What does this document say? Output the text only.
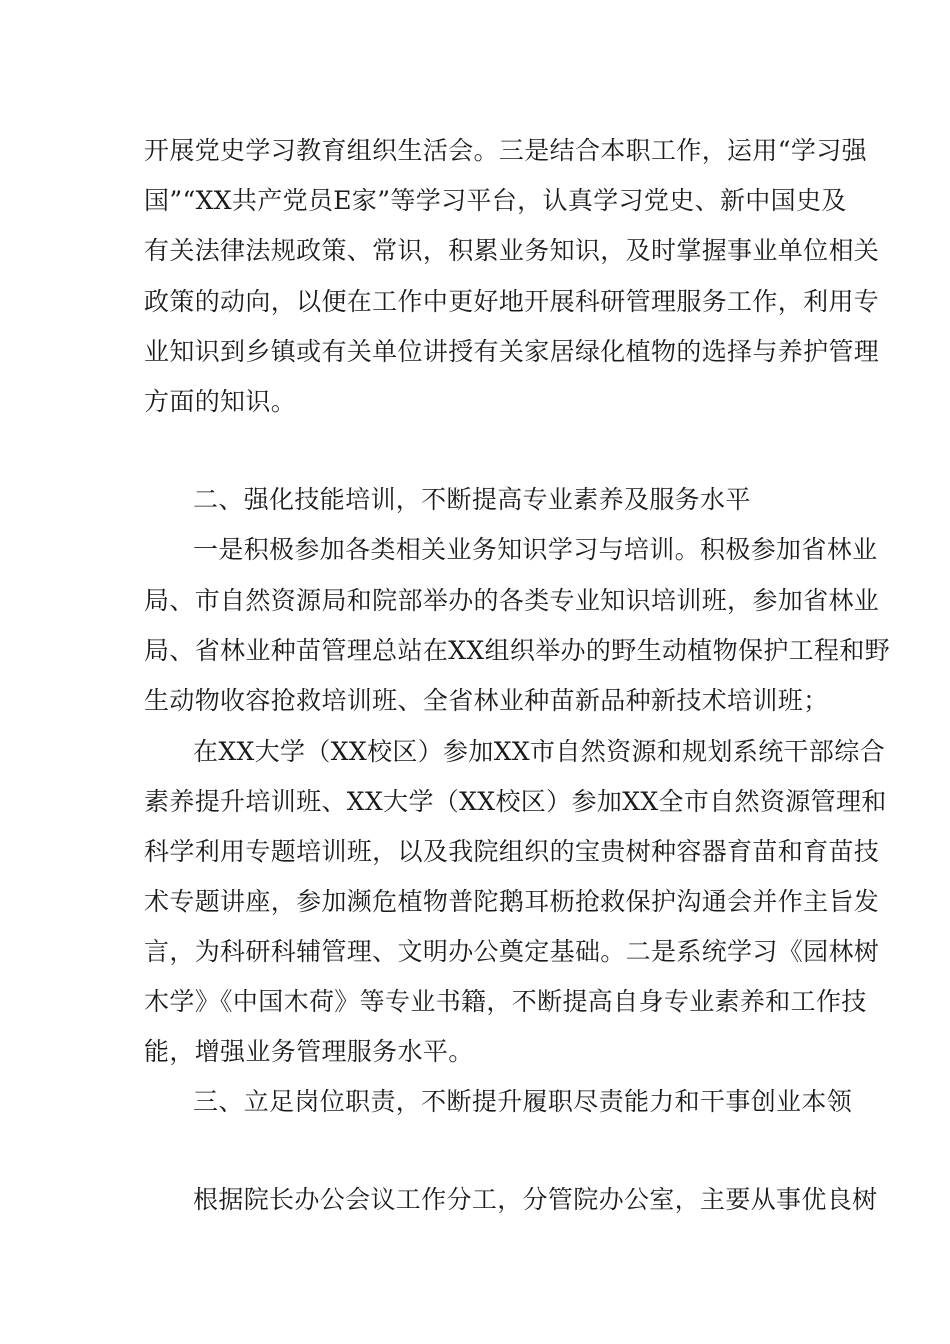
开展党史学习教育组织生活会。三是结合本职工作，运用“学习强
国”“XX共产党员E家”等学习平台，认真学习党史、新中国史及
有关法律法规政策、常识，积累业务知识，及时掌握事业单位相关
政策的动向，以便在工作中更好地开展科研管理服务工作，利用专
业知识到乡镇或有关单位讲授有关家居绿化植物的选择与养护管理
方面的知识。
二、强化技能培训，不断提高专业素养及服务水平
一是积极参加各类相关业务知识学习与培训。积极参加省林业
局、市自然资源局和院部举办的各类专业知识培训班，参加省林业
局、省林业种苗管理总站在XX组织举办的野生动植物保护工程和野
生动物收容抢救培训班、全省林业种苗新品种新技术培训班；
在XX大学（XX校区）参加XX市自然资源和规划系统干部综合
素养提升培训班、XX大学（XX校区）参加XX全市自然资源管理和
科学利用专题培训班，以及我院组织的宝贵树种容器育苗和育苗技
术专题讲座，参加濒危植物普陀鹅耳枥抢救保护沟通会并作主旨发
言，为科研科辅管理、文明办公奠定基础。二是系统学习《园林树
木学》《中国木荷》等专业书籍，不断提高自身专业素养和工作技
能，增强业务管理服务水平。
三、立足岗位职责，不断提升履职尽责能力和干事创业本领
根据院长办公会议工作分工，分管院办公室，主要从事优良树
